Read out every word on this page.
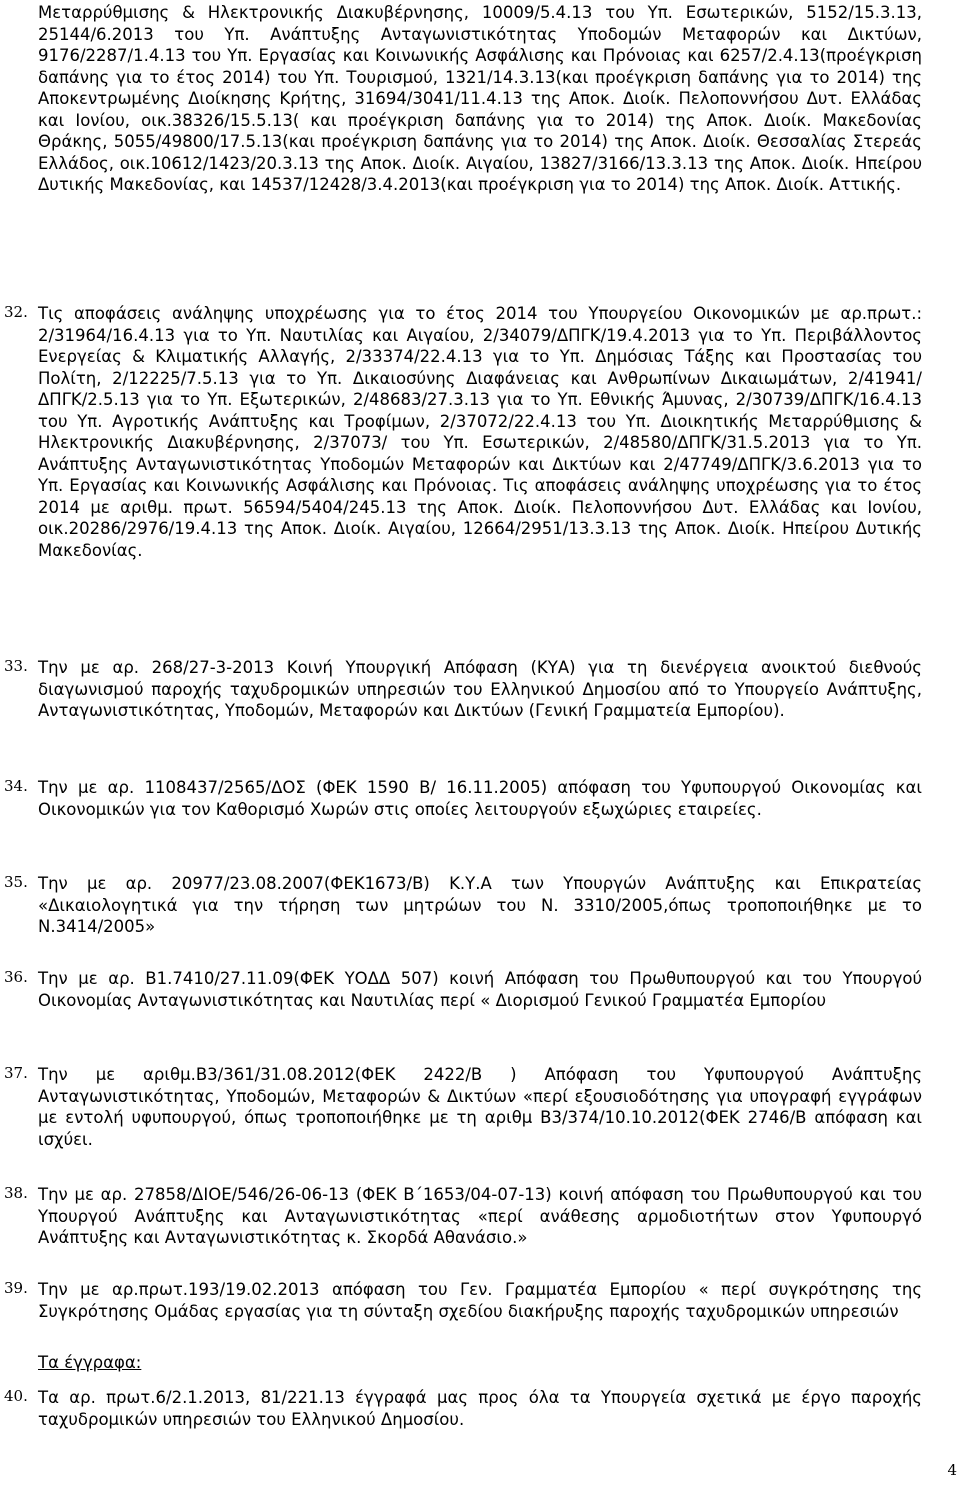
Μεταρρύθμισης & Ηλεκτρονικής Διακυβέρνησης, 10009/5.4.13 του Υπ. Εσωτερικών, 5152/15.3.13, 25144/6.2013 του Υπ. Ανάπτυξης Ανταγωνιστικότητας Υποδομών Μεταφορών και Δικτύων, 9176/2287/1.4.13 του Υπ. Εργασίας και Κοινωνικής Ασφάλισης και Πρόνοιας και 6257/2.4.13(προέγκριση δαπάνης για το έτος 2014) του Υπ. Τουρισμού, 1321/14.3.13(και προέγκριση δαπάνης για το 2014) της Αποκεντρωμένης Διοίκησης Κρήτης, 31694/3041/11.4.13 της Αποκ. Διοίκ. Πελοποννήσου Δυτ. Ελλάδας και Ιονίου, οικ.38326/15.5.13( και προέγκριση δαπάνης για το 2014) της Αποκ. Διοίκ. Μακεδονίας Θράκης, 5055/49800/17.5.13(και προέγκριση δαπάνης για το 2014) της Αποκ. Διοίκ. Θεσσαλίας Στερεάς Ελλάδος, οικ.10612/1423/20.3.13 της Αποκ. Διοίκ. Αιγαίου, 13827/3166/13.3.13 της Αποκ. Διοίκ. Ηπείρου Δυτικής Μακεδονίας, και 14537/12428/3.4.2013(και προέγκριση για το 2014) της Αποκ. Διοίκ. Αττικής.
Τις αποφάσεις ανάληψης υποχρέωσης για το έτος 2014 του Υπουργείου Οικονομικών με αρ.πρωτ.: 2/31964/16.4.13 για το Υπ. Ναυτιλίας και Αιγαίου, 2/34079/ΔΠΓΚ/19.4.2013 για το Υπ. Περιβάλλοντος Ενεργείας & Κλιματικής Αλλαγής, 2/33374/22.4.13 για το Υπ. Δημόσιας Τάξης και Προστασίας του Πολίτη, 2/12225/7.5.13 για το Υπ. Δικαιοσύνης Διαφάνειας και Ανθρωπίνων Δικαιωμάτων, 2/41941/ΔΠΓΚ/2.5.13 για το Υπ. Εξωτερικών, 2/48683/27.3.13 για το Υπ. Εθνικής Άμυνας, 2/30739/ΔΠΓΚ/16.4.13 του Υπ. Αγροτικής Ανάπτυξης και Τροφίμων, 2/37072/22.4.13 του Υπ. Διοικητικής Μεταρρύθμισης & Ηλεκτρονικής Διακυβέρνησης, 2/37073/ του Υπ. Εσωτερικών, 2/48580/ΔΠΓΚ/31.5.2013 για το Υπ. Ανάπτυξης Ανταγωνιστικότητας Υποδομών Μεταφορών και Δικτύων και 2/47749/ΔΠΓΚ/3.6.2013 για το Υπ. Εργασίας και Κοινωνικής Ασφάλισης και Πρόνοιας. Τις αποφάσεις ανάληψης υποχρέωσης για το έτος 2014 με αριθμ. πρωτ. 56594/5404/245.13 της Αποκ. Διοίκ. Πελοποννήσου Δυτ. Ελλάδας και Ιονίου, οικ.20286/2976/19.4.13 της Αποκ. Διοίκ. Αιγαίου, 12664/2951/13.3.13 της Αποκ. Διοίκ. Ηπείρου Δυτικής Μακεδονίας.
32.
Την με αρ. 268/27-3-2013 Κοινή Υπουργική Απόφαση (ΚΥΑ) για τη διενέργεια ανοικτού διεθνούς διαγωνισμού παροχής ταχυδρομικών υπηρεσιών του Ελληνικού Δημοσίου από το Υπουργείο Ανάπτυξης, Ανταγωνιστικότητας, Υποδομών, Μεταφορών και Δικτύων (Γενική Γραμματεία Εμπορίου).
33.
Την με αρ. 1108437/2565/ΔΟΣ (ΦΕΚ 1590 Β/ 16.11.2005) απόφαση του Υφυπουργού Οικονομίας και Οικονομικών για τον Καθορισμό Χωρών στις οποίες λειτουργούν εξωχώριες εταιρείες.
34.
Την με αρ. 20977/23.08.2007(ΦΕΚ1673/Β) Κ.Υ.Α των Υπουργών Ανάπτυξης και Επικρατείας «Δικαιολογητικά για την τήρηση των μητρώων του Ν. 3310/2005,όπως τροποποιήθηκε με το Ν.3414/2005»
35.
Την με αρ. Β1.7410/27.11.09(ΦΕΚ ΥΟΔΔ 507) κοινή Απόφαση του Πρωθυπουργού και του Υπουργού Οικονομίας Ανταγωνιστικότητας και Ναυτιλίας περί « Διορισμού Γενικού Γραμματέα Εμπορίου
36.
Την με αριθμ.Β3/361/31.08.2012(ΦΕΚ 2422/Β ) Απόφαση του Υφυπουργού Ανάπτυξης Ανταγωνιστικότητας, Υποδομών, Μεταφορών & Δικτύων «περί εξουσιοδότησης για υπογραφή εγγράφων με εντολή υφυπουργού, όπως τροποποιήθηκε με τη αριθμ Β3/374/10.10.2012(ΦΕΚ 2746/Β απόφαση και ισχύει.
37.
Την με αρ. 27858/ΔΙΟΕ/546/26-06-13 (ΦΕΚ Β΄1653/04-07-13) κοινή απόφαση του Πρωθυπουργού και του Υπουργού Ανάπτυξης και Ανταγωνιστικότητας «περί ανάθεσης αρμοδιοτήτων στον Υφυπουργό Ανάπτυξης και Ανταγωνιστικότητας κ. Σκορδά Αθανάσιο.»
38.
Την με αρ.πρωτ.193/19.02.2013 απόφαση του Γεν. Γραμματέα Εμπορίου « περί συγκρότησης της Συγκρότησης Ομάδας εργασίας για τη σύνταξη σχεδίου διακήρυξης παροχής ταχυδρομικών υπηρεσιών
39.
Τα έγγραφα:
Τα αρ. πρωτ.6/2.1.2013, 81/221.13 έγγραφά μας προς όλα τα Υπουργεία σχετικά με έργο παροχής ταχυδρομικών υπηρεσιών του Ελληνικού Δημοσίου.
40.
4
